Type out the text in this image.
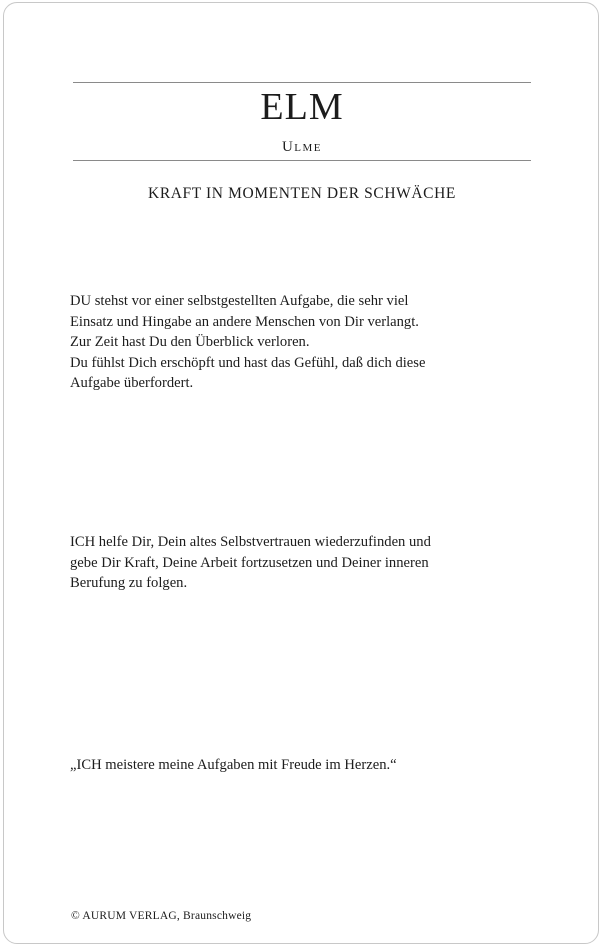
ELM
Ulme
KRAFT IN MOMENTEN DER SCHWÄCHE

DU stehst vor einer selbstgestellten Aufgabe, die sehr viel
Einsatz und Hingabe an andere Menschen von Dir verlangt.
Zur Zeit hast Du den Überblick verloren.
Du fühlst Dich erschöpft und hast das Gefühl, daß dich diese
Aufgabe überfordert.

ICH helfe Dir, Dein altes Selbstvertrauen wiederzufinden und
gebe Dir Kraft, Deine Arbeit fortzusetzen und Deiner inneren
Berufung zu folgen.

„ICH meistere meine Aufgaben mit Freude im Herzen.“
© AURUM VERLAG, Braunschweig
